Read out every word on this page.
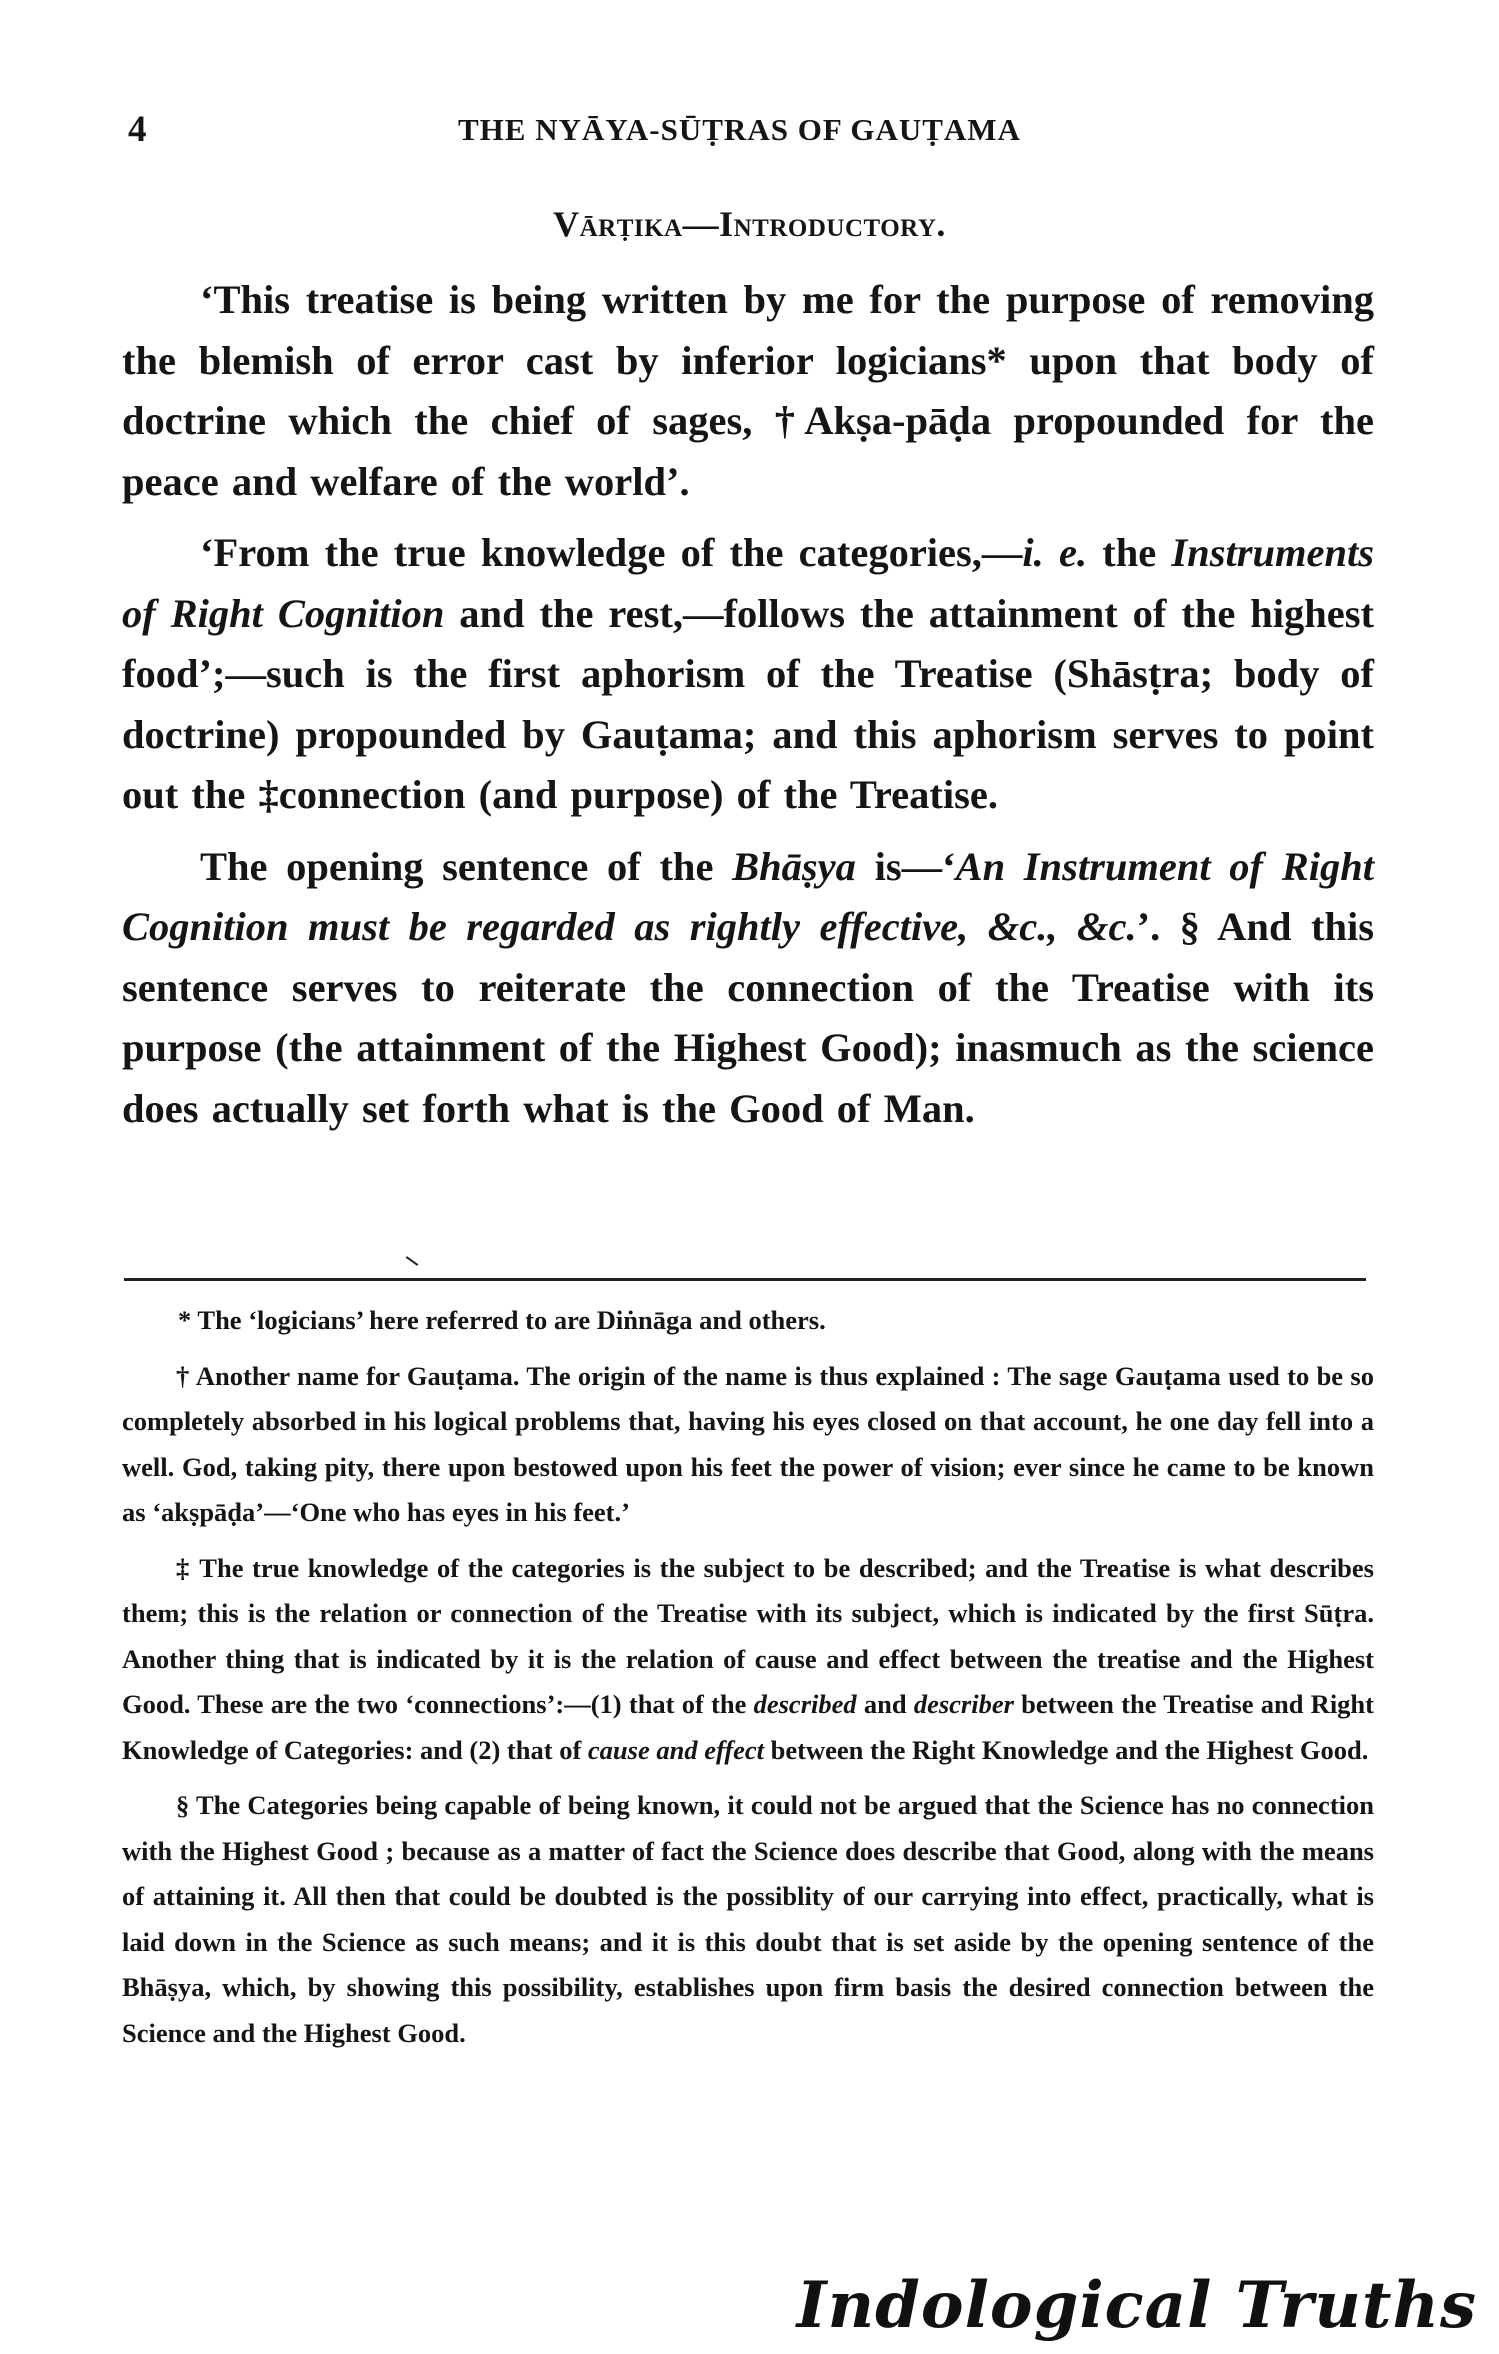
4	THE NYĀYA-SŪṬRAS OF GAUṬAMA
Vārṭika—Introductory.

‘This treatise is being written by me for the purpose of removing the blemish of error cast by inferior logicians* upon that body of doctrine which the chief of sages, †Akṣa-pāḍa propounded for the peace and welfare of the world’.

‘From the true knowledge of the categories,—i. e. the Instruments of Right Cognition and the rest,—follows the attainment of the highest food’;—such is the first aphorism of the Treatise (Shāsṭra; body of doctrine) propounded by Gauṭama; and this aphorism serves to point out the ‡connection (and purpose) of the Treatise.

The opening sentence of the Bhāṣya is—‘An Instrument of Right Cognition must be regarded as rightly effective, &c., &c.’. § And this sentence serves to reiterate the connection of the Treatise with its purpose (the attainment of the Highest Good); inasmuch as the science does actually set forth what is the Good of Man.

* The ‘logicians’ here referred to are Diṅnāga and others.

† Another name for Gauṭama. The origin of the name is thus explained : The sage Gauṭama used to be so completely absorbed in his logical problems that, having his eyes closed on that account, he one day fell into a well. God, taking pity, there upon bestowed upon his feet the power of vision; ever since he came to be known as ‘akṣpāḍa’—‘One who has eyes in his feet.’

‡ The true knowledge of the categories is the subject to be described; and the Treatise is what describes them; this is the relation or connection of the Treatise with its subject, which is indicated by the first Sūṭra. Another thing that is indicated by it is the relation of cause and effect between the treatise and the Highest Good. These are the two ‘connections’:—(1) that of the described and describer between the Treatise and Right Knowledge of Categories: and (2) that of cause and effect between the Right Knowledge and the Highest Good.

§ The Categories being capable of being known, it could not be argued that the Science has no connection with the Highest Good ; because as a matter of fact the Science does describe that Good, along with the means of attaining it. All then that could be doubted is the possiblity of our carrying into effect, practically, what is laid down in the Science as such means; and it is this doubt that is set aside by the opening sentence of the Bhāṣya, which, by showing this possibility, establishes upon firm basis the desired connection between the Science and the Highest Good.

Indological Truths
